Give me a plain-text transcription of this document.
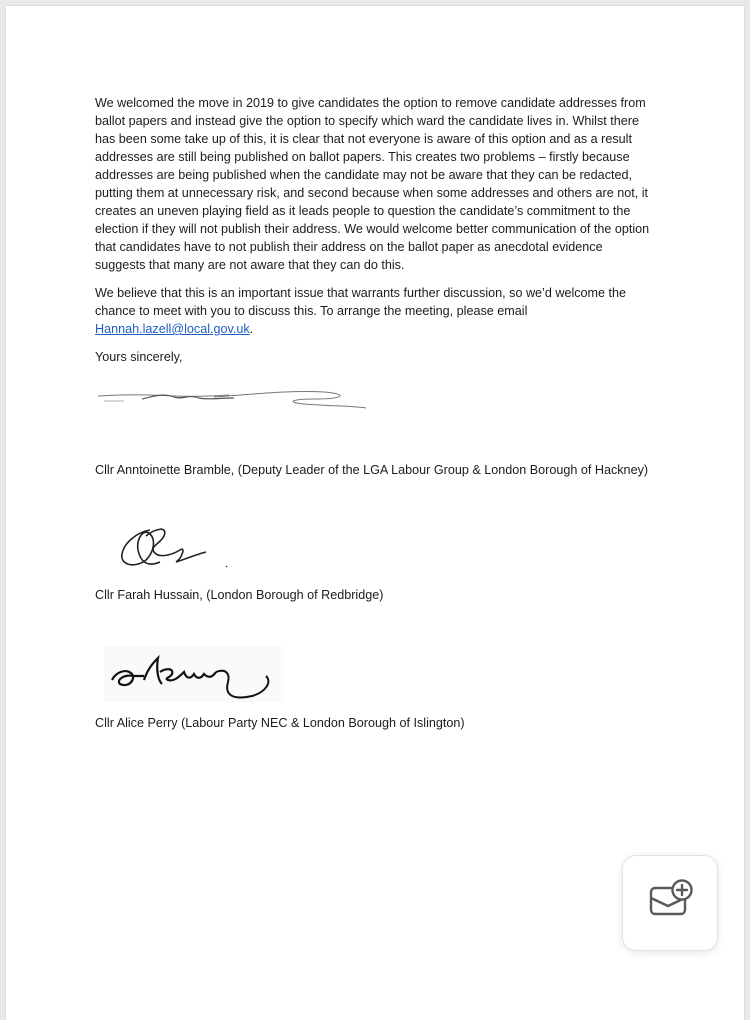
We welcomed the move in 2019 to give candidates the option to remove candidate addresses from ballot papers and instead give the option to specify which ward the candidate lives in. Whilst there has been some take up of this, it is clear that not everyone is aware of this option and as a result addresses are still being published on ballot papers. This creates two problems – firstly because addresses are being published when the candidate may not be aware that they can be redacted, putting them at unnecessary risk, and second because when some addresses and others are not, it creates an uneven playing field as it leads people to question the candidate’s commitment to the election if they will not publish their address. We would welcome better communication of the option that candidates have to not publish their address on the ballot paper as anecdotal evidence suggests that many are not aware that they can do this.
We believe that this is an important issue that warrants further discussion, so we’d welcome the chance to meet with you to discuss this. To arrange the meeting, please email Hannah.lazell@local.gov.uk.
Yours sincerely,
Cllr Anntoinette Bramble, (Deputy Leader of the LGA Labour Group & London Borough of Hackney)
Cllr Farah Hussain, (London Borough of Redbridge)
Cllr Alice Perry (Labour Party NEC & London Borough of Islington)
